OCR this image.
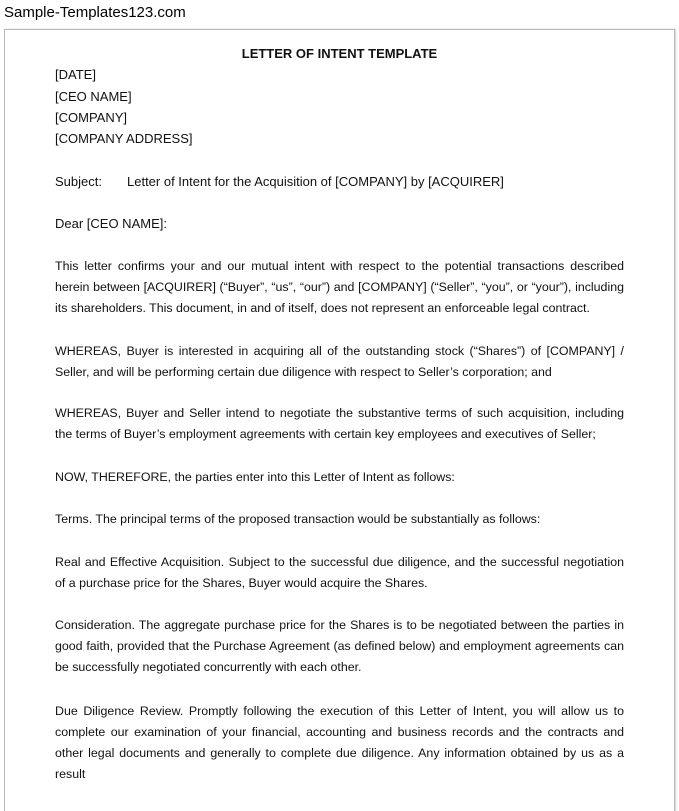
Sample-Templates123.com
LETTER OF INTENT TEMPLATE
[DATE]
[CEO NAME]
[COMPANY]
[COMPANY ADDRESS]
Subject: Letter of Intent for the Acquisition of [COMPANY] by [ACQUIRER]
Dear [CEO NAME]:

This letter confirms your and our mutual intent with respect to the potential transactions described herein between [ACQUIRER] (“Buyer”, “us”, “our”) and [COMPANY] (“Seller”, “you”, or “your”), including its shareholders. This document, in and of itself, does not represent an enforceable legal contract.

WHEREAS, Buyer is interested in acquiring all of the outstanding stock (“Shares”) of [COMPANY] / Seller, and will be performing certain due diligence with respect to Seller’s corporation; and

WHEREAS, Buyer and Seller intend to negotiate the substantive terms of such acquisition, including the terms of Buyer’s employment agreements with certain key employees and executives of Seller;

NOW, THEREFORE, the parties enter into this Letter of Intent as follows:

Terms. The principal terms of the proposed transaction would be substantially as follows:

Real and Effective Acquisition. Subject to the successful due diligence, and the successful negotiation of a purchase price for the Shares, Buyer would acquire the Shares.

Consideration. The aggregate purchase price for the Shares is to be negotiated between the parties in good faith, provided that the Purchase Agreement (as defined below) and employment agreements can be successfully negotiated concurrently with each other.

Due Diligence Review. Promptly following the execution of this Letter of Intent, you will allow us to complete our examination of your financial, accounting and business records and the contracts and other legal documents and generally to complete due diligence. Any information obtained by us as a result
